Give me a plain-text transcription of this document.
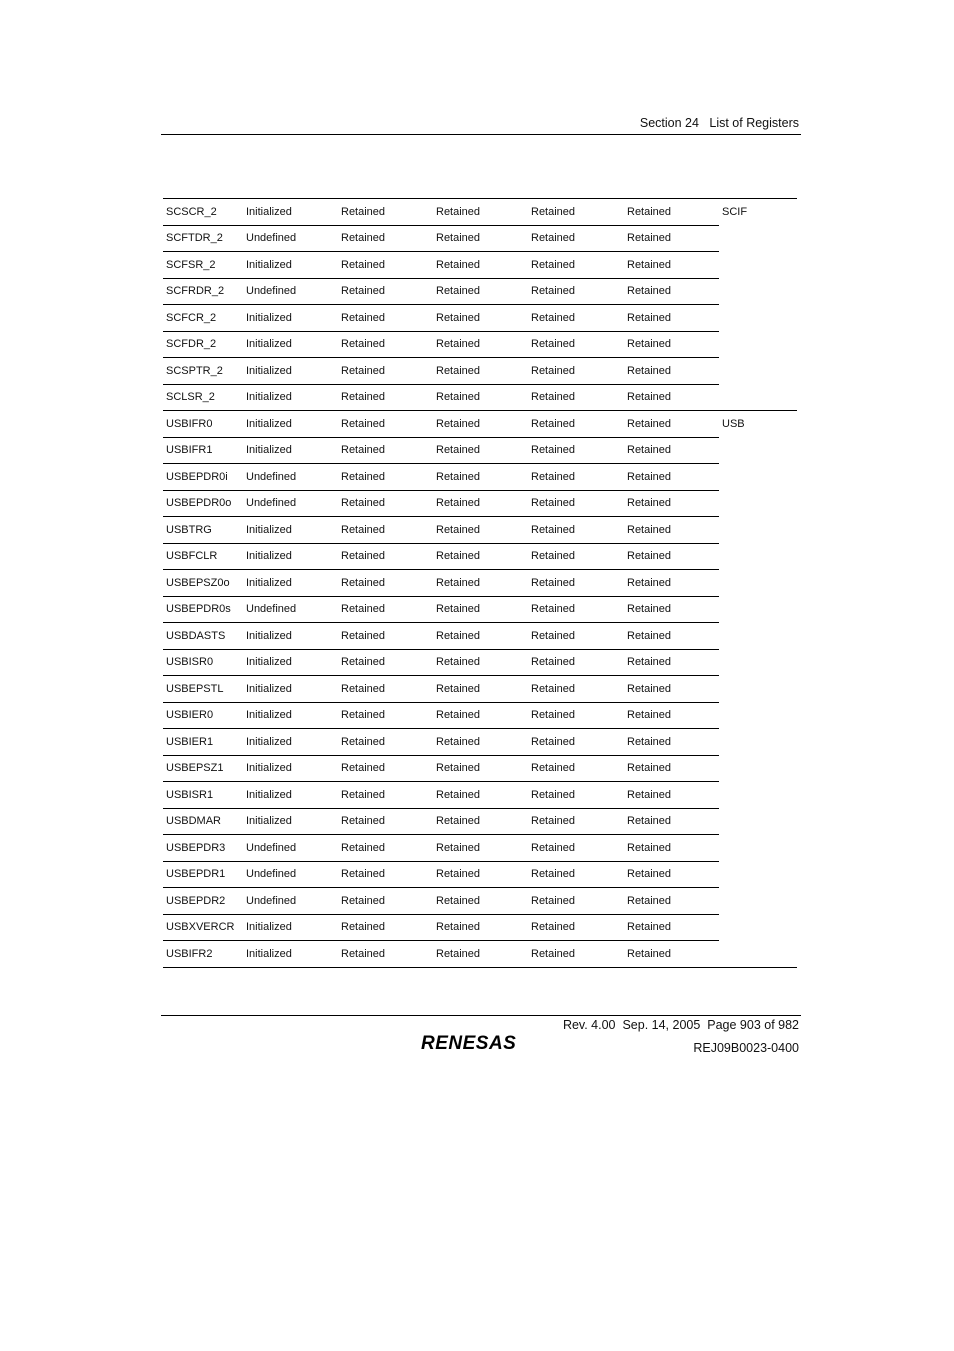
Section 24 List of Registers
SCSCR_2	Initialized	Retained	Retained	Retained	Retained	SCIF
SCFTDR_2	Undefined	Retained	Retained	Retained	Retained	
SCFSR_2	Initialized	Retained	Retained	Retained	Retained	
SCFRDR_2	Undefined	Retained	Retained	Retained	Retained	
SCFCR_2	Initialized	Retained	Retained	Retained	Retained	
SCFDR_2	Initialized	Retained	Retained	Retained	Retained	
SCSPTR_2	Initialized	Retained	Retained	Retained	Retained	
SCLSR_2	Initialized	Retained	Retained	Retained	Retained	
USBIFR0	Initialized	Retained	Retained	Retained	Retained	USB
USBIFR1	Initialized	Retained	Retained	Retained	Retained	
USBEPDR0i	Undefined	Retained	Retained	Retained	Retained	
USBEPDR0o	Undefined	Retained	Retained	Retained	Retained	
USBTRG	Initialized	Retained	Retained	Retained	Retained	
USBFCLR	Initialized	Retained	Retained	Retained	Retained	
USBEPSZ0o	Initialized	Retained	Retained	Retained	Retained	
USBEPDR0s	Undefined	Retained	Retained	Retained	Retained	
USBDASTS	Initialized	Retained	Retained	Retained	Retained	
USBISR0	Initialized	Retained	Retained	Retained	Retained	
USBEPSTL	Initialized	Retained	Retained	Retained	Retained	
USBIER0	Initialized	Retained	Retained	Retained	Retained	
USBIER1	Initialized	Retained	Retained	Retained	Retained	
USBEPSZ1	Initialized	Retained	Retained	Retained	Retained	
USBISR1	Initialized	Retained	Retained	Retained	Retained	
USBDMAR	Initialized	Retained	Retained	Retained	Retained	
USBEPDR3	Undefined	Retained	Retained	Retained	Retained	
USBEPDR1	Undefined	Retained	Retained	Retained	Retained	
USBEPDR2	Undefined	Retained	Retained	Retained	Retained	
USBXVERCR	Initialized	Retained	Retained	Retained	Retained	
USBIFR2	Initialized	Retained	Retained	Retained	Retained	
Rev. 4.00  Sep. 14, 2005  Page 903 of 982
RENESAS	REJ09B0023-0400
